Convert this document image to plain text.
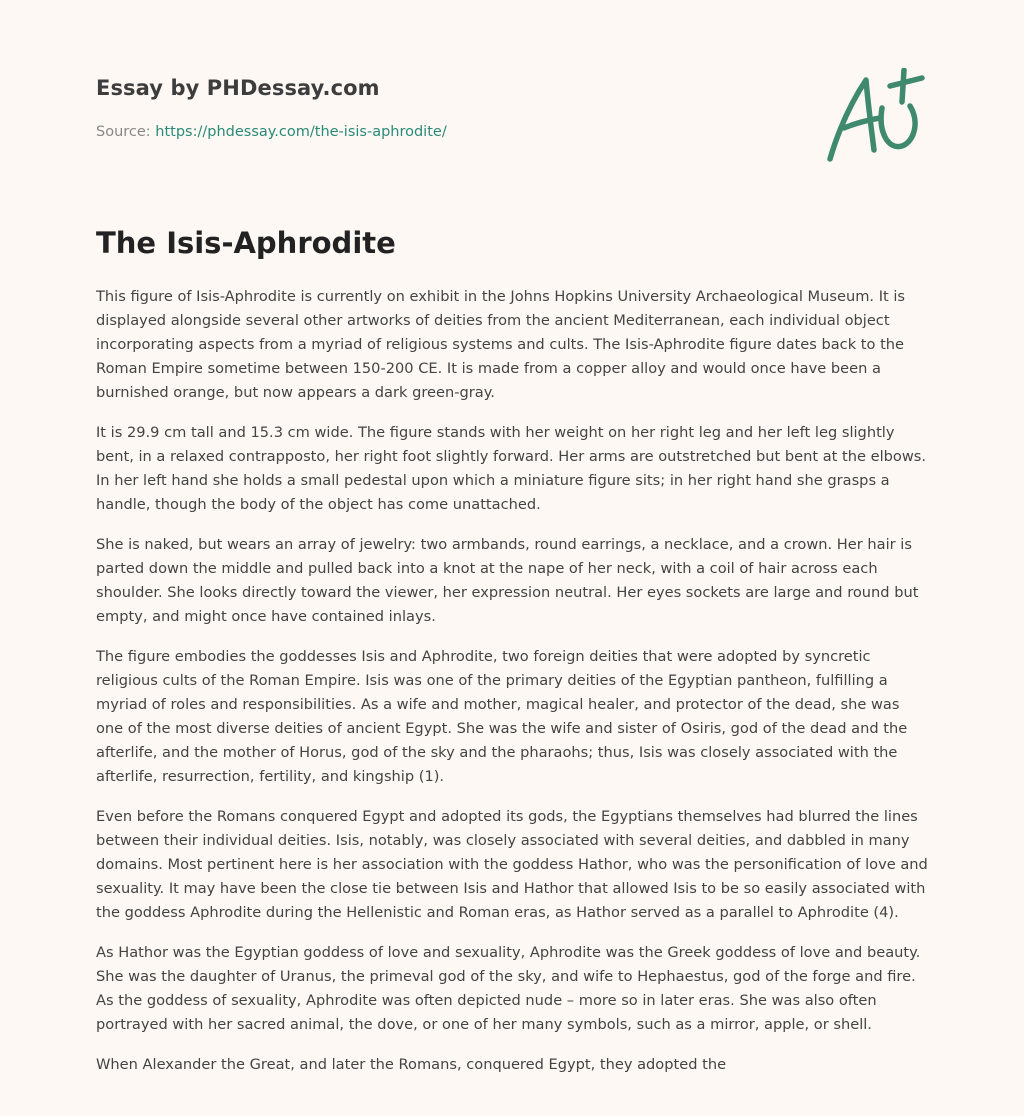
Essay by PHDessay.com
Source: https://phdessay.com/the-isis-aphrodite/
The Isis-Aphrodite

This figure of Isis-Aphrodite is currently on exhibit in the Johns Hopkins University Archaeological Museum. It is displayed alongside several other artworks of deities from the ancient Mediterranean, each individual object incorporating aspects from a myriad of religious systems and cults. The Isis-Aphrodite figure dates back to the Roman Empire sometime between 150-200 CE. It is made from a copper alloy and would once have been a burnished orange, but now appears a dark green-gray.

It is 29.9 cm tall and 15.3 cm wide. The figure stands with her weight on her right leg and her left leg slightly bent, in a relaxed contrapposto, her right foot slightly forward. Her arms are outstretched but bent at the elbows. In her left hand she holds a small pedestal upon which a miniature figure sits; in her right hand she grasps a handle, though the body of the object has come unattached.

She is naked, but wears an array of jewelry: two armbands, round earrings, a necklace, and a crown. Her hair is parted down the middle and pulled back into a knot at the nape of her neck, with a coil of hair across each shoulder. She looks directly toward the viewer, her expression neutral. Her eyes sockets are large and round but empty, and might once have contained inlays.

The figure embodies the goddesses Isis and Aphrodite, two foreign deities that were adopted by syncretic religious cults of the Roman Empire. Isis was one of the primary deities of the Egyptian pantheon, fulfilling a myriad of roles and responsibilities. As a wife and mother, magical healer, and protector of the dead, she was one of the most diverse deities of ancient Egypt. She was the wife and sister of Osiris, god of the dead and the afterlife, and the mother of Horus, god of the sky and the pharaohs; thus, Isis was closely associated with the afterlife, resurrection, fertility, and kingship (1).

Even before the Romans conquered Egypt and adopted its gods, the Egyptians themselves had blurred the lines between their individual deities. Isis, notably, was closely associated with several deities, and dabbled in many domains. Most pertinent here is her association with the goddess Hathor, who was the personification of love and sexuality. It may have been the close tie between Isis and Hathor that allowed Isis to be so easily associated with the goddess Aphrodite during the Hellenistic and Roman eras, as Hathor served as a parallel to Aphrodite (4).

As Hathor was the Egyptian goddess of love and sexuality, Aphrodite was the Greek goddess of love and beauty. She was the daughter of Uranus, the primeval god of the sky, and wife to Hephaestus, god of the forge and fire. As the goddess of sexuality, Aphrodite was often depicted nude – more so in later eras. She was also often portrayed with her sacred animal, the dove, or one of her many symbols, such as a mirror, apple, or shell.

When Alexander the Great, and later the Romans, conquered Egypt, they adopted the
